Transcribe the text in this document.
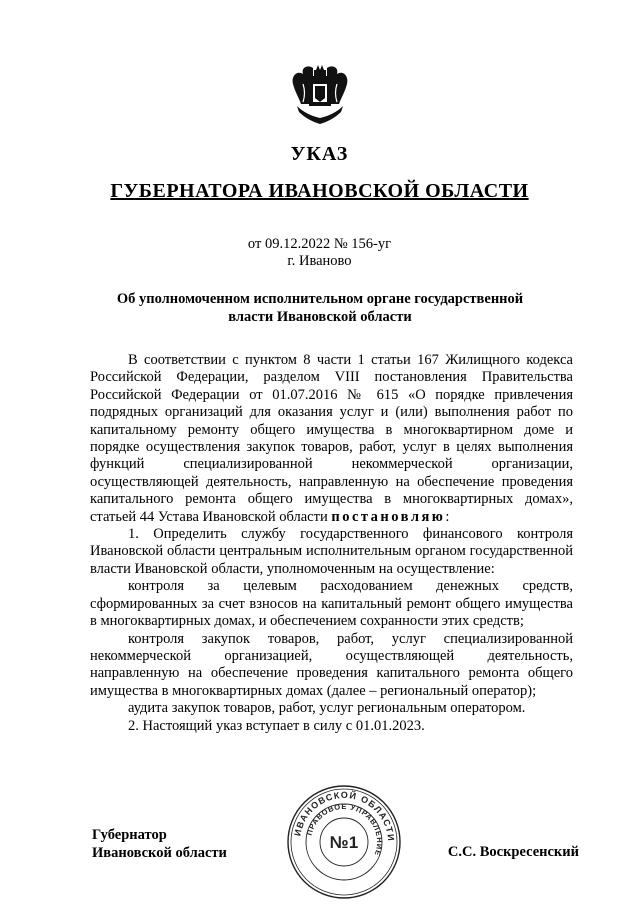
УКАЗ
ГУБЕРНАТОРА ИВАНОВСКОЙ ОБЛАСТИ
от 09.12.2022 № 156-уг
г. Иваново
Об уполномоченном исполнительном органе государственной
власти Ивановской области

В соответствии с пунктом 8 части 1 статьи 167 Жилищного кодекса Российской Федерации, разделом VIII постановления Правительства Российской Федерации от 01.07.2016 № 615 «О порядке привлечения подрядных организаций для оказания услуг и (или) выполнения работ по капитальному ремонту общего имущества в многоквартирном доме и порядке осуществления закупок товаров, работ, услуг в целях выполнения функций специализированной некоммерческой организации, осуществляющей деятельность, направленную на обеспечение проведения капитального ремонта общего имущества в многоквартирных домах», статьей 44 Устава Ивановской области постановляю:

1. Определить службу государственного финансового контроля Ивановской области центральным исполнительным органом государственной власти Ивановской области, уполномоченным на осуществление:

контроля за целевым расходованием денежных средств, сформированных за счет взносов на капитальный ремонт общего имущества в многоквартирных домах, и обеспечением сохранности этих средств;

контроля закупок товаров, работ, услуг специализированной некоммерческой организацией, осуществляющей деятельность, направленную на обеспечение проведения капитального ремонта общего имущества в многоквартирных домах (далее – региональный оператор);

аудита закупок товаров, работ, услуг региональным оператором.

2. Настоящий указ вступает в силу с 01.01.2023.

Губернатор
Ивановской области	С.С. Воскресенский
ИВАНОВСКОЙ ОБЛАСТИ
ПРАВОВОЕ УПРАВЛЕНИЕ
№1
